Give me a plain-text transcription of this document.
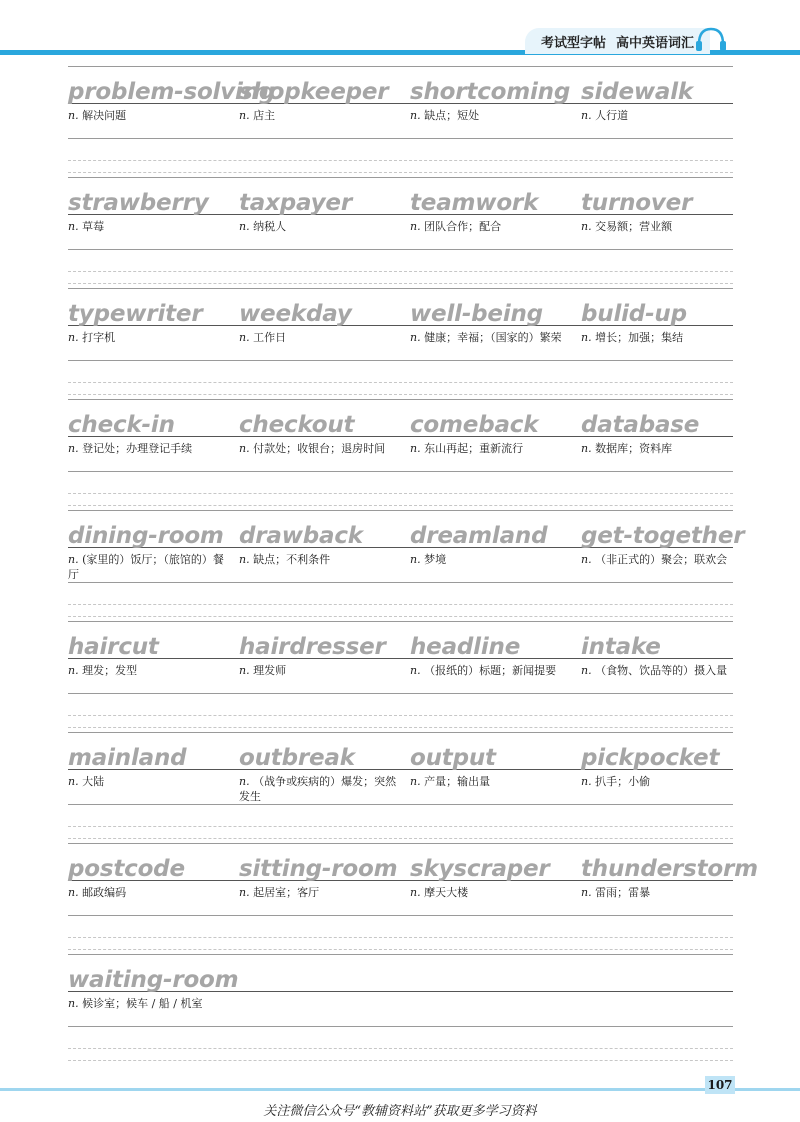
考试型字帖 高中英语词汇
problem-solving
n. 解决问题
shopkeeper
n. 店主
shortcoming
n. 缺点；短处
sidewalk
n. 人行道
strawberry
n. 草莓
taxpayer
n. 纳税人
teamwork
n. 团队合作；配合
turnover
n. 交易额；营业额
typewriter
n. 打字机
weekday
n. 工作日
well-being
n. 健康；幸福；（国家的）繁荣
bulid-up
n. 增长；加强；集结
check-in
n. 登记处；办理登记手续
checkout
n. 付款处；收银台；退房时间
comeback
n. 东山再起；重新流行
database
n. 数据库；资料库
dining-room
n. (家里的）饭厅；（旅馆的）餐厅
drawback
n. 缺点；不利条件
dreamland
n. 梦境
get-together
n. （非正式的）聚会；联欢会
haircut
n. 理发；发型
hairdresser
n. 理发师
headline
n. （报纸的）标题；新闻提要
intake
n. （食物、饮品等的）摄入量
mainland
n. 大陆
outbreak
n. （战争或疾病的）爆发；突然发生
output
n. 产量；输出量
pickpocket
n. 扒手；小偷
postcode
n. 邮政编码
sitting-room
n. 起居室；客厅
skyscraper
n. 摩天大楼
thunderstorm
n. 雷雨；雷暴
waiting-room
n. 候诊室；候车 / 船 / 机室
107
关注微信公众号“教辅资料站”获取更多学习资料
